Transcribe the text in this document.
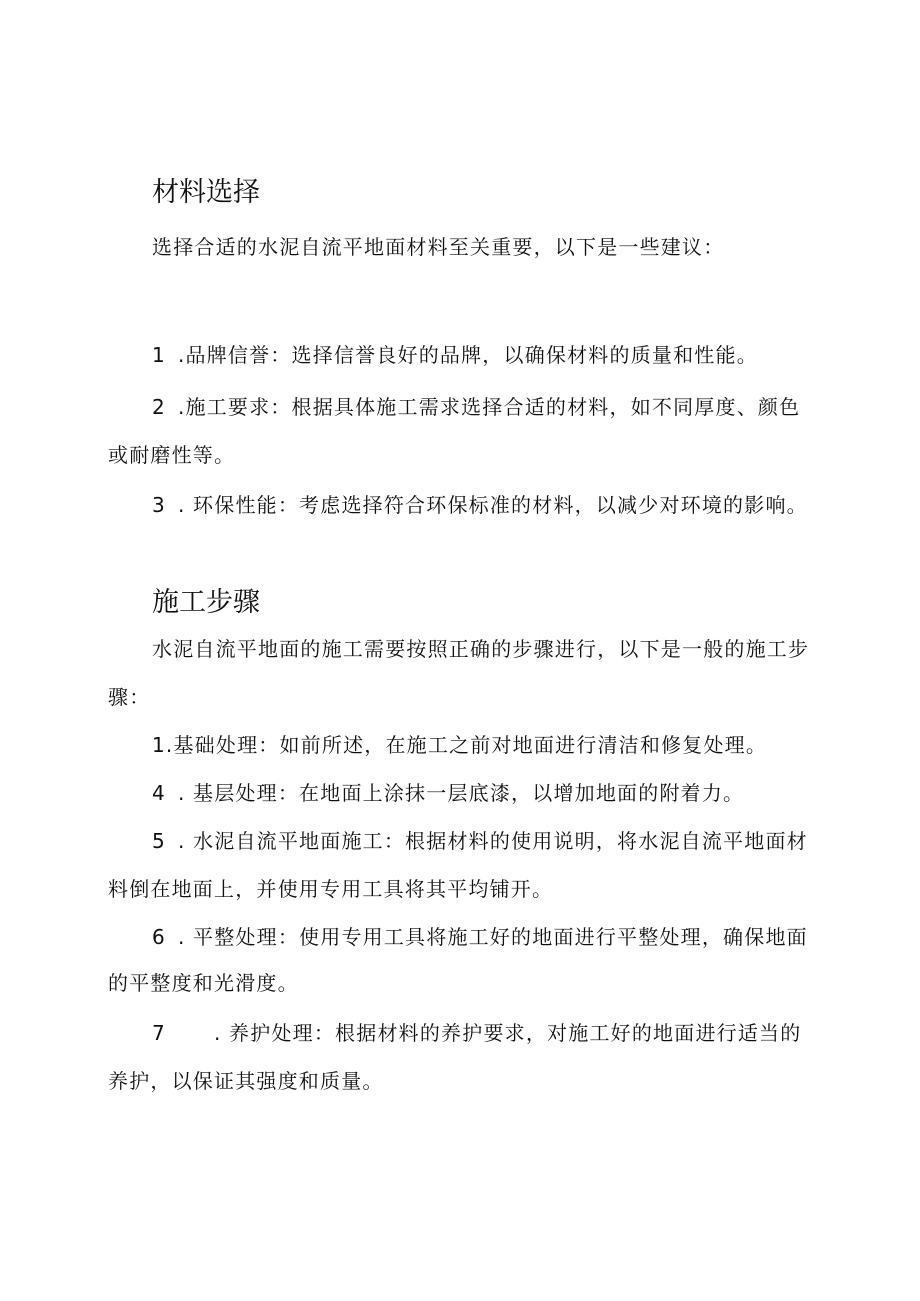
材料选择

选择合适的水泥自流平地面材料至关重要，以下是一些建议：

1 .品牌信誉：选择信誉良好的品牌，以确保材料的质量和性能。

2 .施工要求：根据具体施工需求选择合适的材料，如不同厚度、颜色

或耐磨性等。

3 . 环保性能：考虑选择符合环保标准的材料，以减少对环境的影响。

施工步骤

水泥自流平地面的施工需要按照正确的步骤进行，以下是一般的施工步

骤：

1.基础处理：如前所述，在施工之前对地面进行清洁和修复处理。

4 . 基层处理：在地面上涂抹一层底漆，以增加地面的附着力。

5 . 水泥自流平地面施工：根据材料的使用说明，将水泥自流平地面材

料倒在地面上，并使用专用工具将其平均铺开。

6 . 平整处理：使用专用工具将施工好的地面进行平整处理，确保地面

的平整度和光滑度。

7 . 养护处理：根据材料的养护要求，对施工好的地面进行适当的

养护，以保证其强度和质量。
